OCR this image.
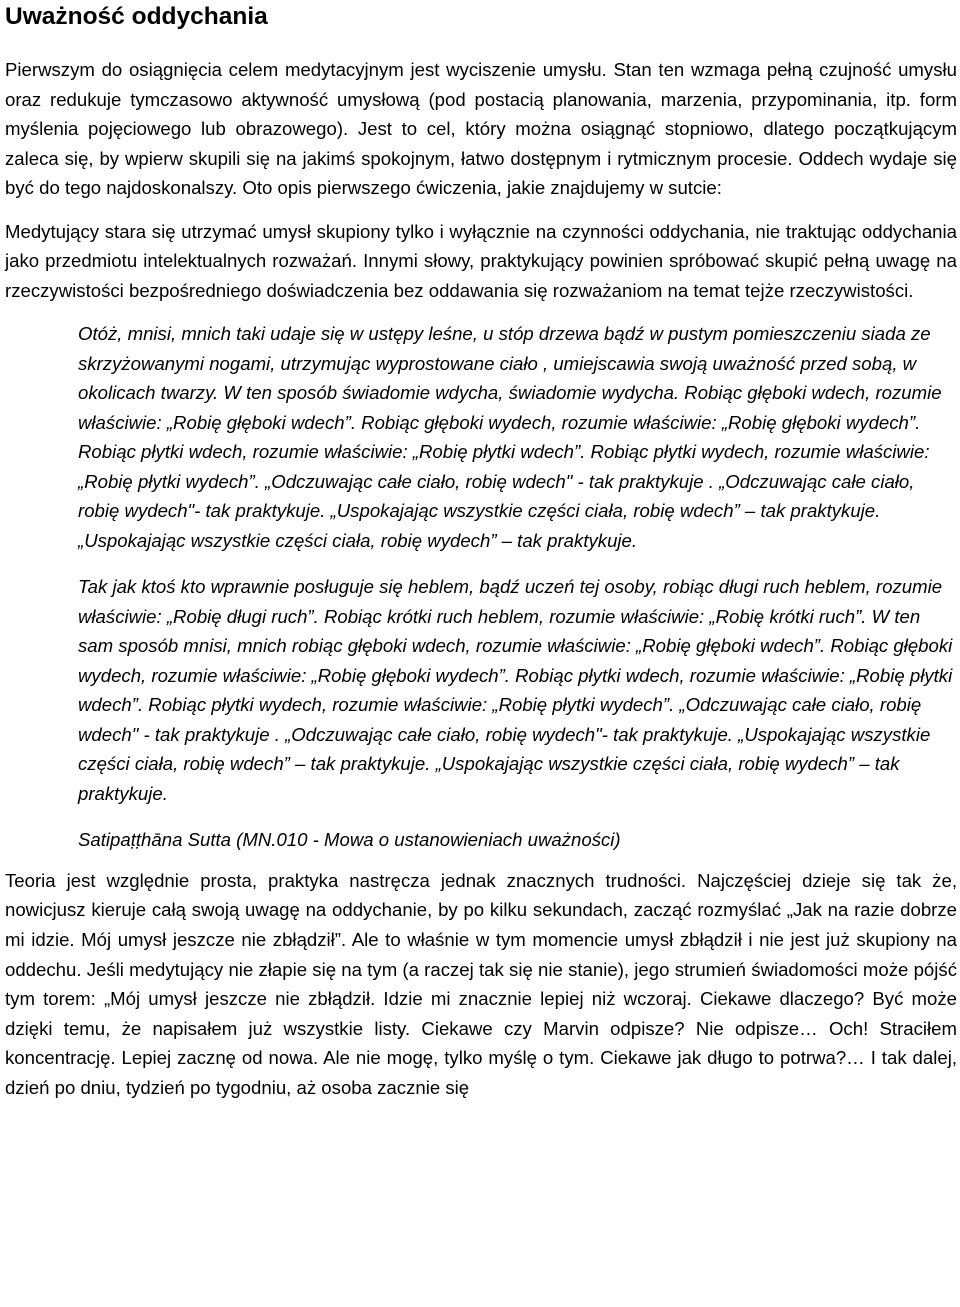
Uważność oddychania

Pierwszym do osiągnięcia celem medytacyjnym jest wyciszenie umysłu. Stan ten wzmaga pełną czujność umysłu oraz redukuje tymczasowo aktywność umysłową (pod postacią planowania, marzenia, przypominania, itp. form myślenia pojęciowego lub obrazowego). Jest to cel, który można osiągnąć stopniowo, dlatego początkującym zaleca się, by wpierw skupili się na jakimś spokojnym, łatwo dostępnym i rytmicznym procesie. Oddech wydaje się być do tego najdoskonalszy. Oto opis pierwszego ćwiczenia, jakie znajdujemy w sutcie:

Medytujący stara się utrzymać umysł skupiony tylko i wyłącznie na czynności oddychania, nie traktując oddychania jako przedmiotu intelektualnych rozważań. Innymi słowy, praktykujący powinien spróbować skupić pełną uwagę na rzeczywistości bezpośredniego doświadczenia bez oddawania się rozważaniom na temat tejże rzeczywistości.

Otóż, mnisi, mnich taki udaje się w ustępy leśne, u stóp drzewa bądź w pustym pomieszczeniu siada ze skrzyżowanymi nogami, utrzymując wyprostowane ciało , umiejscawia swoją uważność przed sobą, w okolicach twarzy. W ten sposób świadomie wdycha, świadomie wydycha. Robiąc głęboki wdech, rozumie właściwie: „Robię głęboki wdech”. Robiąc głęboki wydech, rozumie właściwie: „Robię głęboki wydech”. Robiąc płytki wdech, rozumie właściwie: „Robię płytki wdech”. Robiąc płytki wydech, rozumie właściwie: „Robię płytki wydech”. „Odczuwając całe ciało, robię wdech" - tak praktykuje . „Odczuwając całe ciało, robię wydech"- tak praktykuje. „Uspokajając wszystkie części ciała, robię wdech” – tak praktykuje. „Uspokajając wszystkie części ciała, robię wydech” – tak praktykuje.

Tak jak ktoś kto wprawnie posługuje się heblem, bądź uczeń tej osoby, robiąc długi ruch heblem, rozumie właściwie: „Robię długi ruch”. Robiąc krótki ruch heblem, rozumie właściwie: „Robię krótki ruch”. W ten sam sposób mnisi, mnich robiąc głęboki wdech, rozumie właściwie: „Robię głęboki wdech”. Robiąc głęboki wydech, rozumie właściwie: „Robię głęboki wydech”. Robiąc płytki wdech, rozumie właściwie: „Robię płytki wdech”. Robiąc płytki wydech, rozumie właściwie: „Robię płytki wydech”. „Odczuwając całe ciało, robię wdech" - tak praktykuje . „Odczuwając całe ciało, robię wydech"- tak praktykuje. „Uspokajając wszystkie części ciała, robię wdech” – tak praktykuje. „Uspokajając wszystkie części ciała, robię wydech” – tak praktykuje.

Satipaṭṭhāna Sutta (MN.010 - Mowa o ustanowieniach uważności)

Teoria jest względnie prosta, praktyka nastręcza jednak znacznych trudności. Najczęściej dzieje się tak że, nowicjusz kieruje całą swoją uwagę na oddychanie, by po kilku sekundach, zacząć rozmyślać „Jak na razie dobrze mi idzie. Mój umysł jeszcze nie zbłądził”. Ale to właśnie w tym momencie umysł zbłądził i nie jest już skupiony na oddechu. Jeśli medytujący nie złapie się na tym (a raczej tak się nie stanie), jego strumień świadomości może pójść tym torem: „Mój umysł jeszcze nie zbłądził. Idzie mi znacznie lepiej niż wczoraj. Ciekawe dlaczego? Być może dzięki temu, że napisałem już wszystkie listy. Ciekawe czy Marvin odpisze? Nie odpisze… Och! Straciłem koncentrację. Lepiej zacznę od nowa. Ale nie mogę, tylko myślę o tym. Ciekawe jak długo to potrwa?… I tak dalej, dzień po dniu, tydzień po tygodniu, aż osoba zacznie się
